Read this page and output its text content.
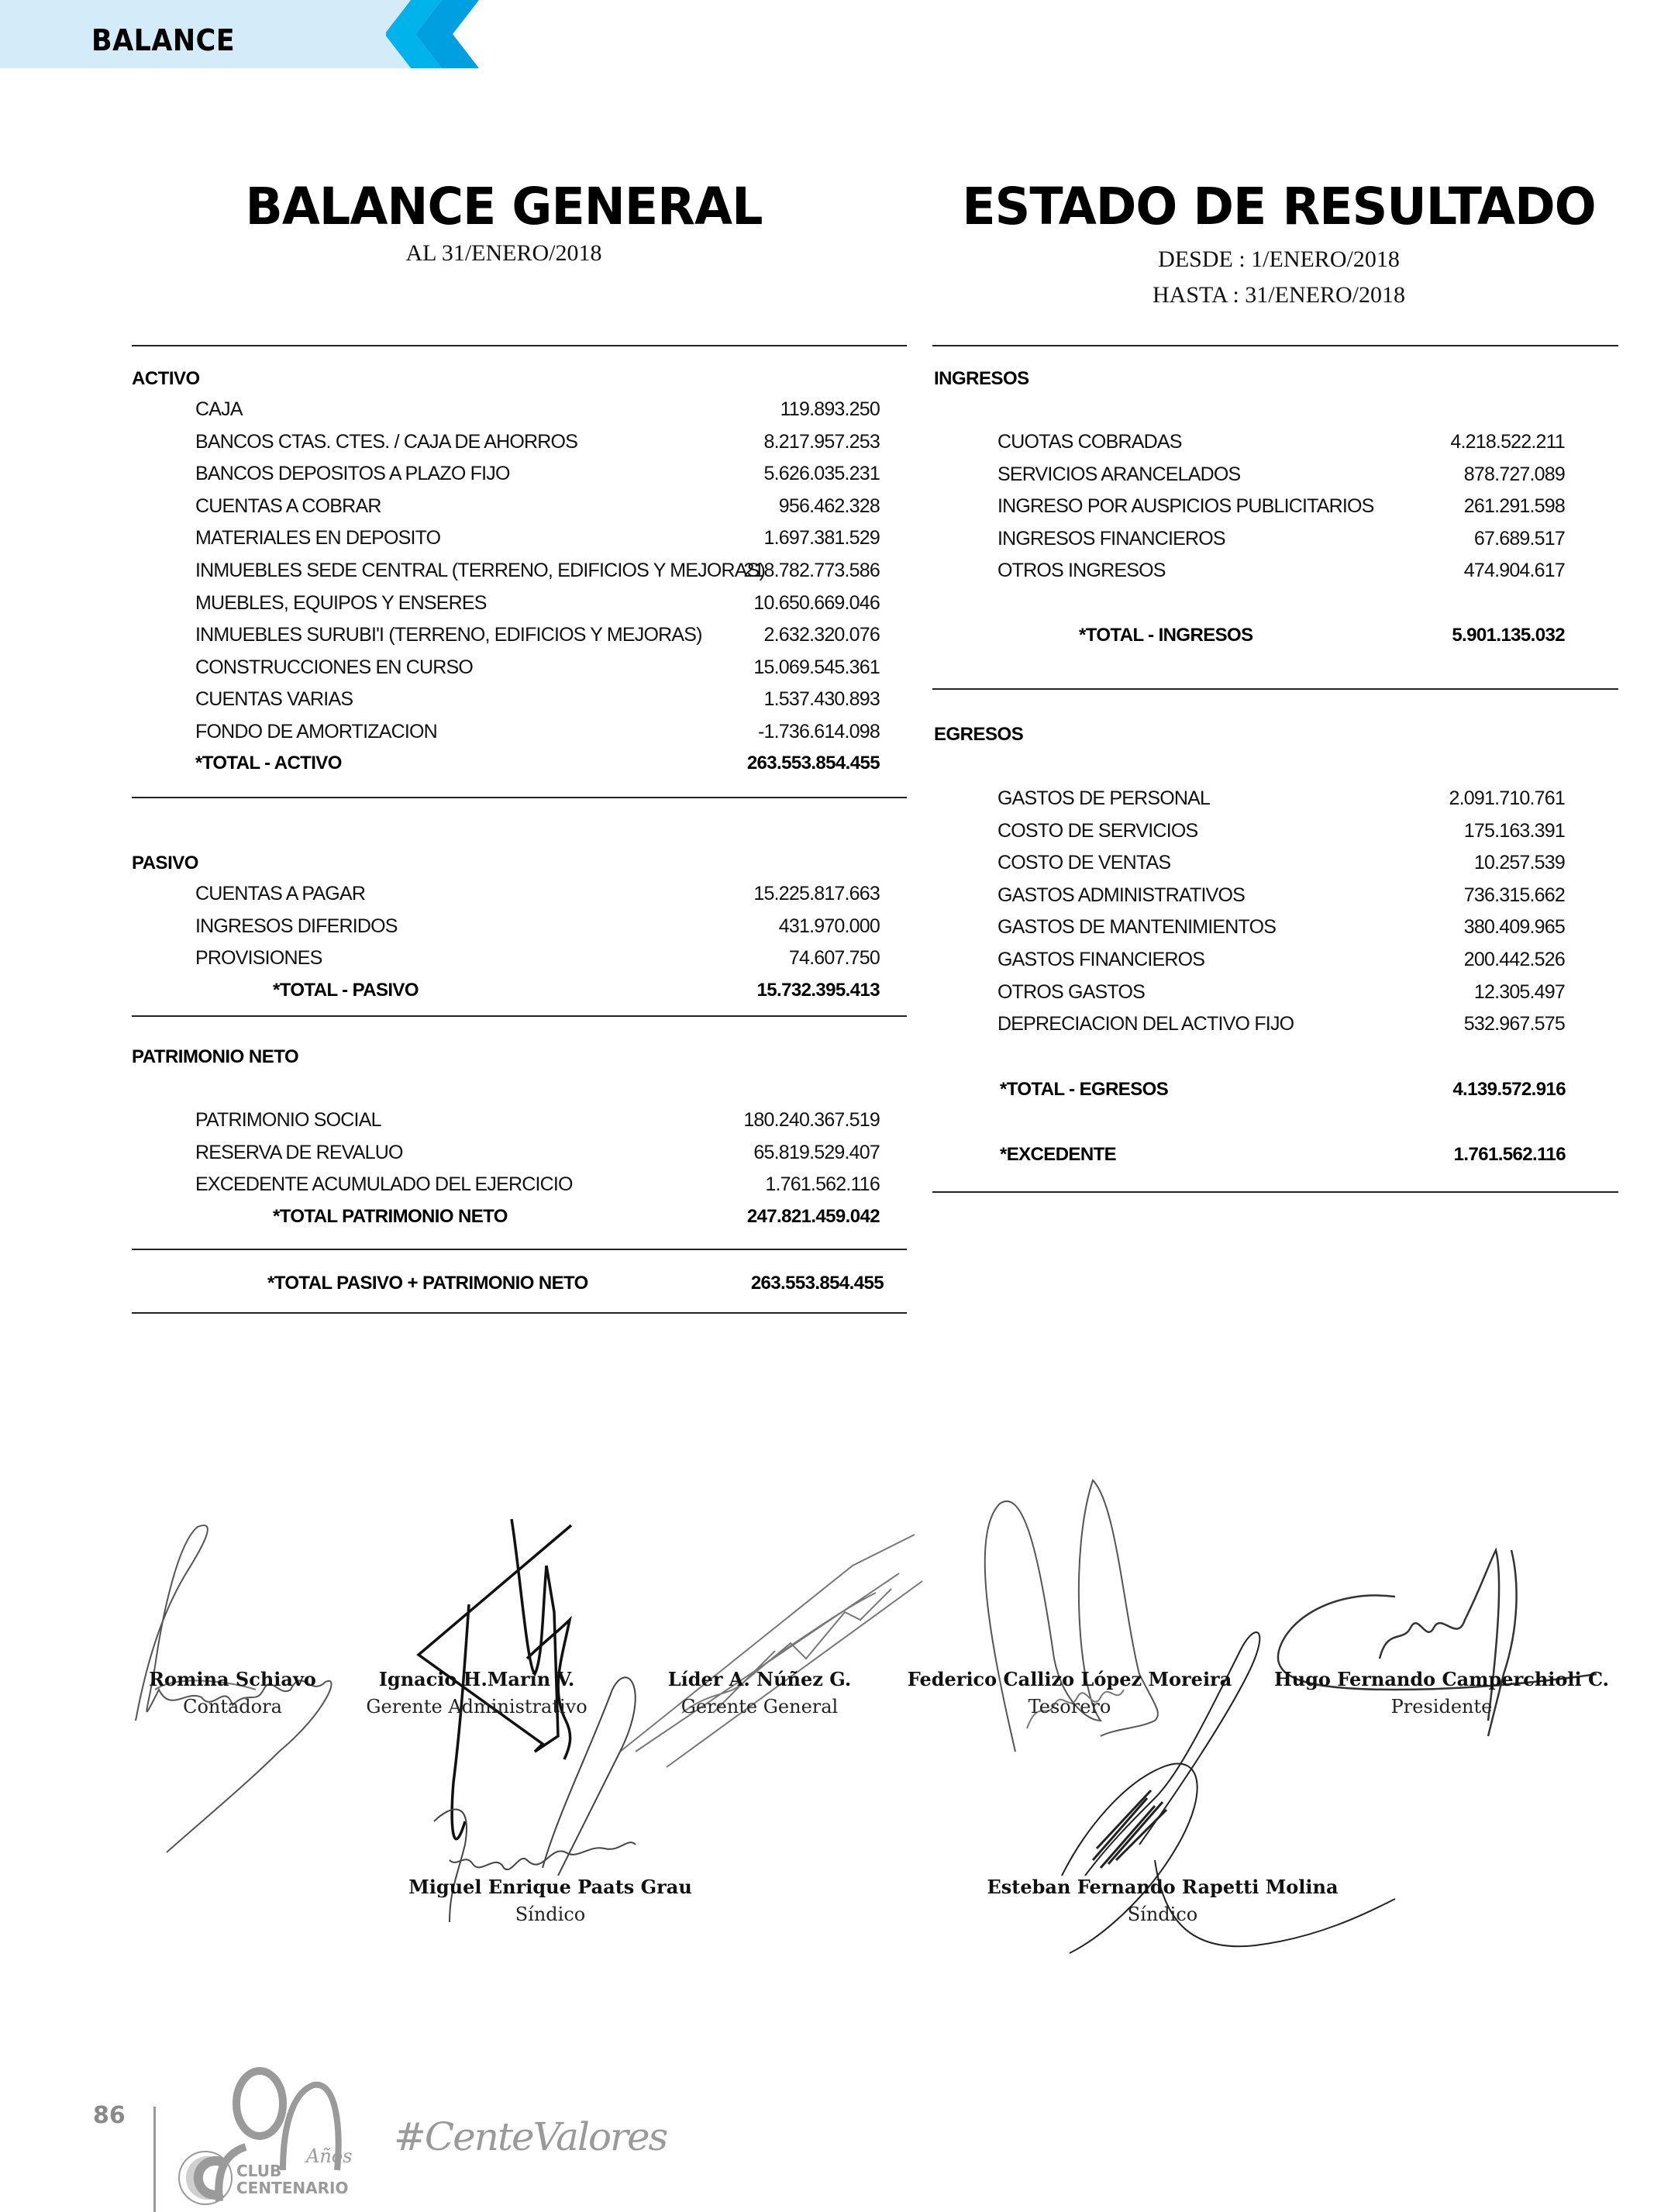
BALANCE
BALANCE GENERAL
AL 31/ENERO/2018
ESTADO DE RESULTADO
DESDE : 1/ENERO/2018
HASTA : 31/ENERO/2018
ACTIVO
CAJA	119.893.250
BANCOS CTAS. CTES. / CAJA DE AHORROS	8.217.957.253
BANCOS DEPOSITOS A PLAZO FIJO	5.626.035.231
CUENTAS A COBRAR	956.462.328
MATERIALES EN DEPOSITO	1.697.381.529
INMUEBLES SEDE CENTRAL (TERRENO, EDIFICIOS Y MEJORAS)
218.782.773.586
MUEBLES, EQUIPOS Y ENSERES	10.650.669.046
INMUEBLES SURUBI'I (TERRENO, EDIFICIOS Y MEJORAS)	2.632.320.076
CONSTRUCCIONES EN CURSO	15.069.545.361
CUENTAS VARIAS	1.537.430.893
FONDO DE AMORTIZACION	-1.736.614.098
*TOTAL - ACTIVO	263.553.854.455
PASIVO
CUENTAS A PAGAR	15.225.817.663
INGRESOS DIFERIDOS	431.970.000
PROVISIONES	74.607.750
*TOTAL - PASIVO	15.732.395.413
PATRIMONIO NETO
PATRIMONIO SOCIAL	180.240.367.519
RESERVA DE REVALUO	65.819.529.407
EXCEDENTE ACUMULADO DEL EJERCICIO	1.761.562.116
*TOTAL PATRIMONIO NETO	247.821.459.042
*TOTAL PASIVO + PATRIMONIO NETO	263.553.854.455
INGRESOS
CUOTAS COBRADAS	4.218.522.211
SERVICIOS ARANCELADOS	878.727.089
INGRESO POR AUSPICIOS PUBLICITARIOS	261.291.598
INGRESOS FINANCIEROS	67.689.517
OTROS INGRESOS	474.904.617
*TOTAL - INGRESOS	5.901.135.032
EGRESOS
GASTOS DE PERSONAL	2.091.710.761
COSTO DE SERVICIOS	175.163.391
COSTO DE VENTAS	10.257.539
GASTOS ADMINISTRATIVOS	736.315.662
GASTOS DE MANTENIMIENTOS	380.409.965
GASTOS FINANCIEROS	200.442.526
OTROS GASTOS	12.305.497
DEPRECIACION DEL ACTIVO FIJO	532.967.575
*TOTAL - EGRESOS	4.139.572.916
*EXCEDENTE	1.761.562.116
Romina Schiavo
Contadora
Ignacio H.Marín V.
Gerente Administrativo
Líder A. Núñez G.
Gerente General
Federico Callizo López Moreira
Tesorero
Hugo Fernando Camperchioli C.
Presidente
Miguel Enrique Paats Grau
Síndico
Esteban Fernando Rapetti Molina
Síndico
86
CLUB
CENTENARIO
Años #CenteValores
